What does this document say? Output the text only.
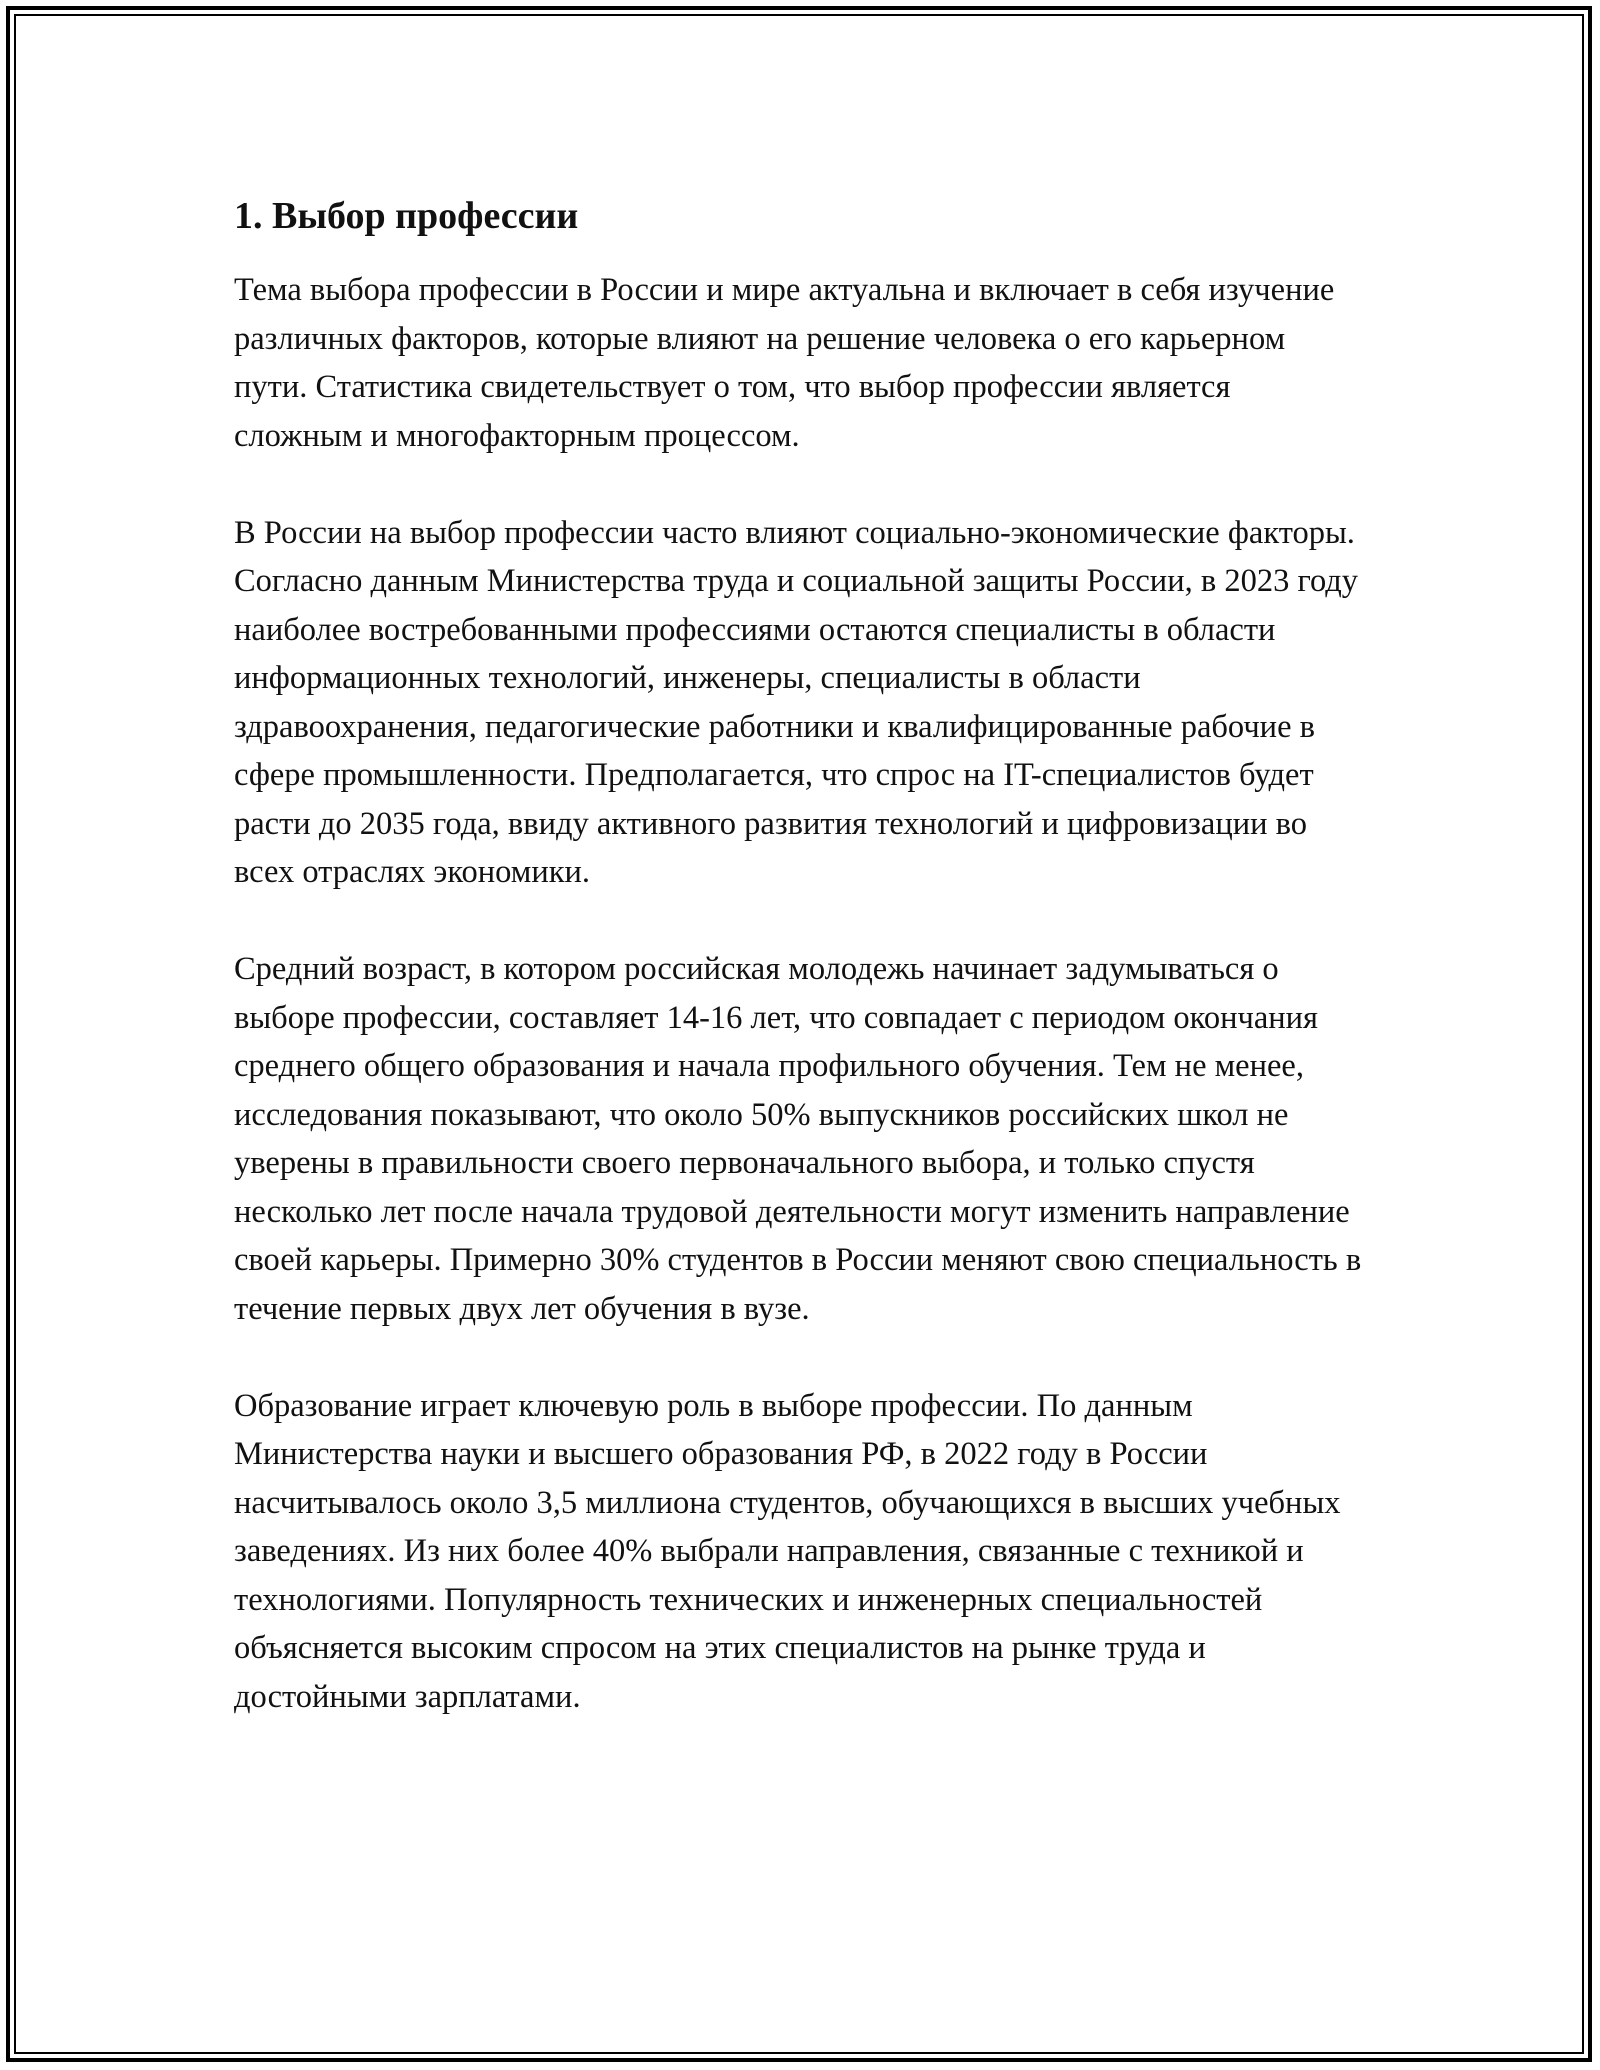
1. Выбор профессии

Тема выбора профессии в России и мире актуальна и включает в себя изучение различных факторов, которые влияют на решение человека о его карьерном пути. Статистика свидетельствует о том, что выбор профессии является сложным и многофакторным процессом.

В России на выбор профессии часто влияют социально-экономические факторы. Согласно данным Министерства труда и социальной защиты России, в 2023 году наиболее востребованными профессиями остаются специалисты в области информационных технологий, инженеры, специалисты в области здравоохранения, педагогические работники и квалифицированные рабочие в сфере промышленности. Предполагается, что спрос на IT-специалистов будет расти до 2035 года, ввиду активного развития технологий и цифровизации во всех отраслях экономики.

Средний возраст, в котором российская молодежь начинает задумываться о выборе профессии, составляет 14-16 лет, что совпадает с периодом окончания среднего общего образования и начала профильного обучения. Тем не менее, исследования показывают, что около 50% выпускников российских школ не уверены в правильности своего первоначального выбора, и только спустя несколько лет после начала трудовой деятельности могут изменить направление своей карьеры. Примерно 30% студентов в России меняют свою специальность в течение первых двух лет обучения в вузе.

Образование играет ключевую роль в выборе профессии. По данным Министерства науки и высшего образования РФ, в 2022 году в России насчитывалось около 3,5 миллиона студентов, обучающихся в высших учебных заведениях. Из них более 40% выбрали направления, связанные с техникой и технологиями. Популярность технических и инженерных специальностей объясняется высоким спросом на этих специалистов на рынке труда и достойными зарплатами.
